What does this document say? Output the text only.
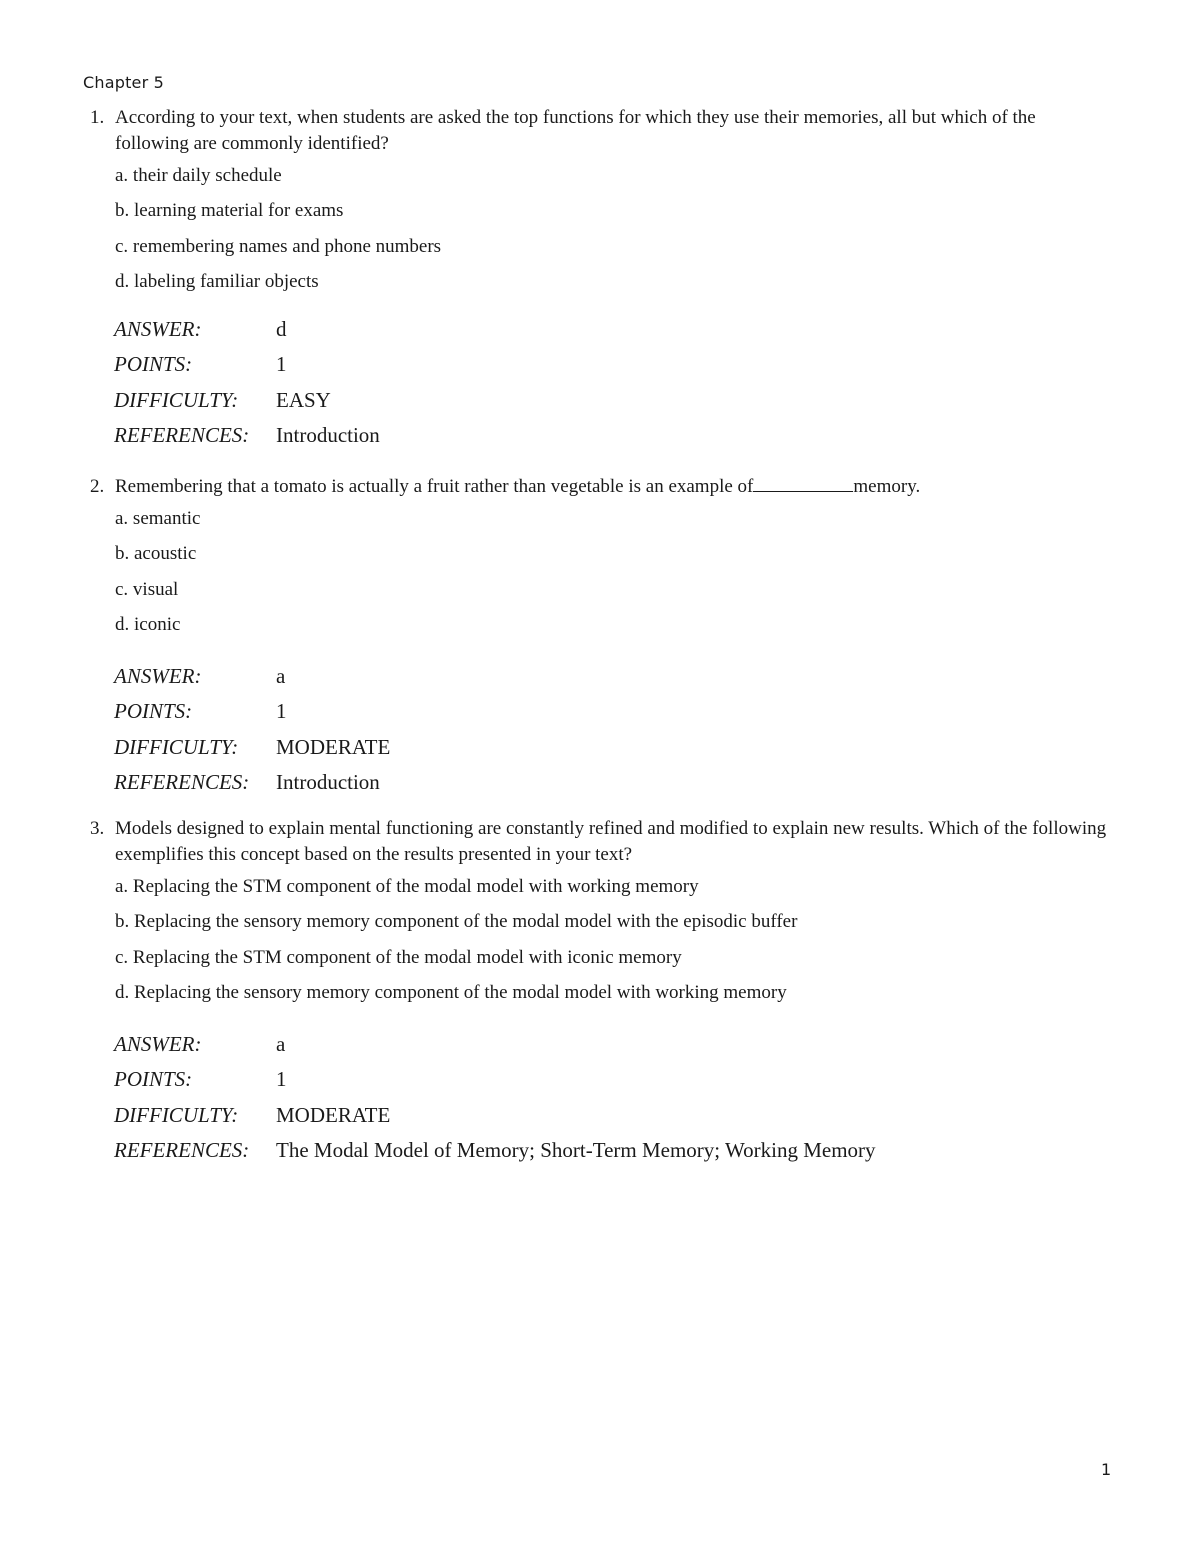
Chapter 5
1. According to your text, when students are asked the top functions for which they use their memories, all but which of the following are commonly identified?
a. their daily schedule
b. learning material for exams
c. remembering names and phone numbers
d. labeling familiar objects
ANSWER:	d
POINTS:	1
DIFFICULTY:	EASY
REFERENCES:	Introduction
2. Remembering that a tomato is actually a fruit rather than vegetable is an example of	memory.
a. semantic
b. acoustic
c. visual
d. iconic
ANSWER:	a
POINTS:	1
DIFFICULTY:	MODERATE
REFERENCES:	Introduction
3. Models designed to explain mental functioning are constantly refined and modified to explain new results. Which of the following exemplifies this concept based on the results presented in your text?
a. Replacing the STM component of the modal model with working memory
b. Replacing the sensory memory component of the modal model with the episodic buffer
c. Replacing the STM component of the modal model with iconic memory
d. Replacing the sensory memory component of the modal model with working memory
ANSWER:	a
POINTS:	1
DIFFICULTY:	MODERATE
REFERENCES:	The Modal Model of Memory; Short-Term Memory; Working Memory
1
